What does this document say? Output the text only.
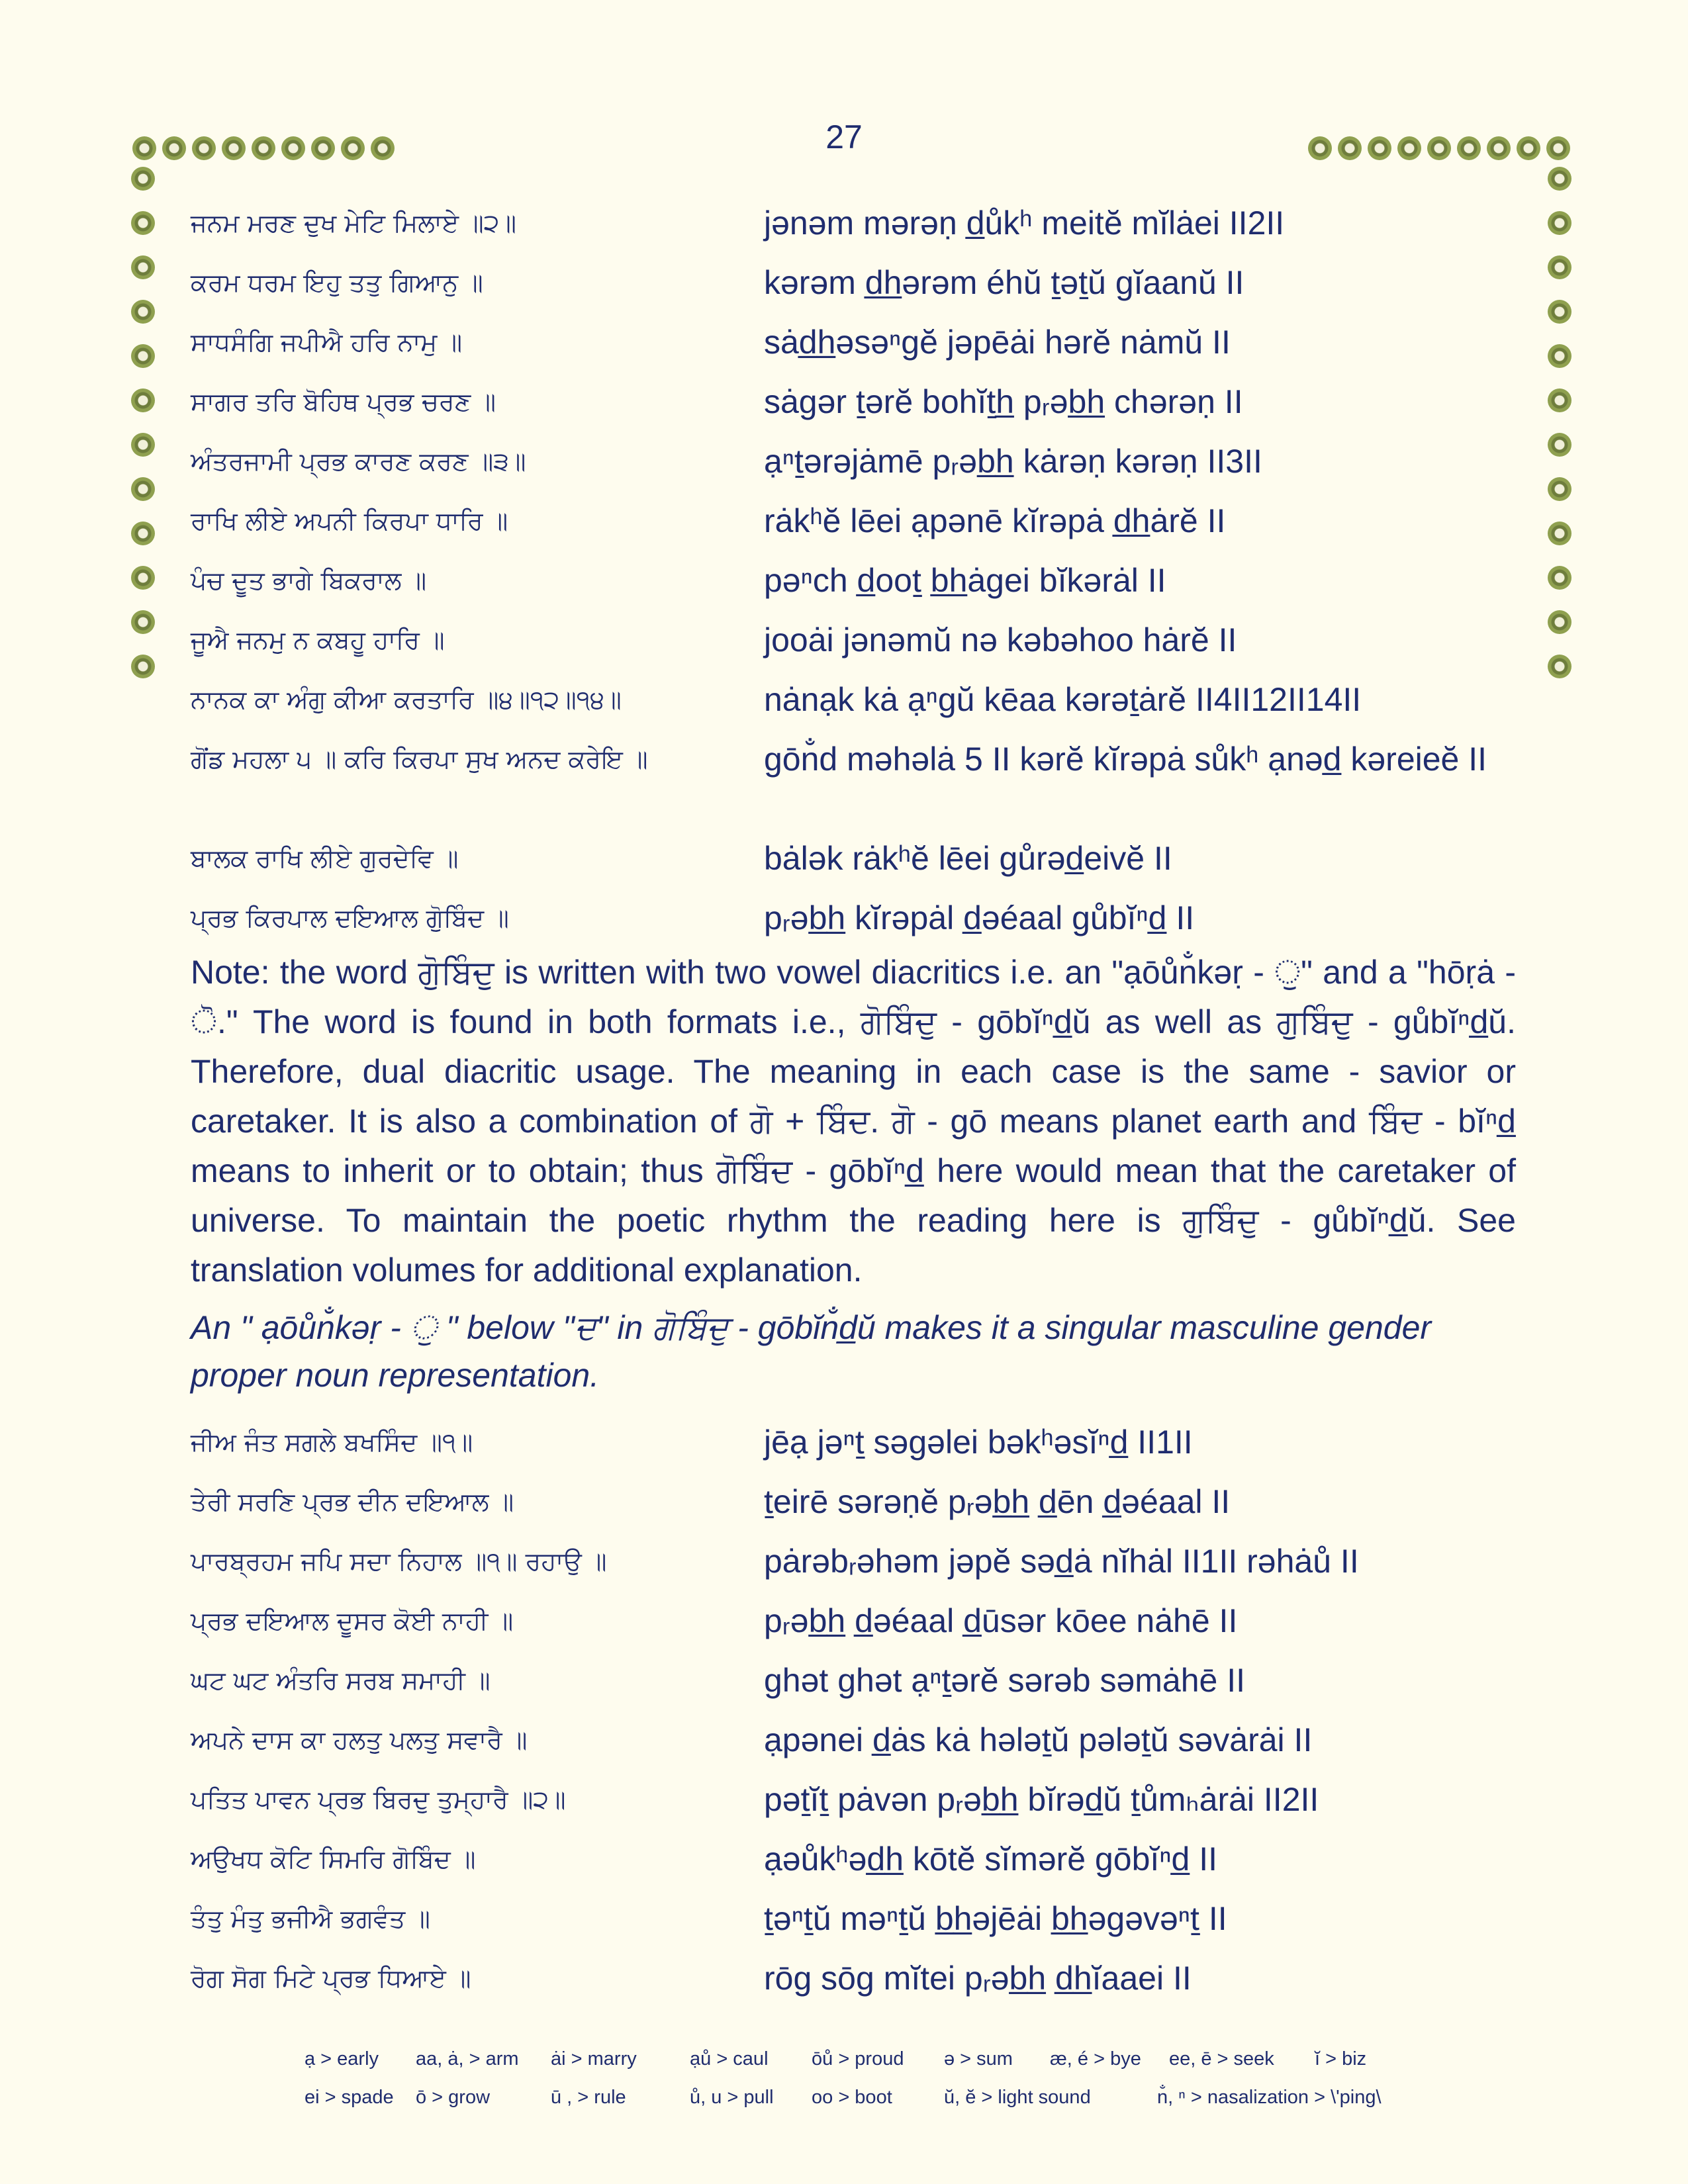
27
ਜਨਮ ਮਰਣ ਦੁਖ ਮੇਟਿ ਮਿਲਾਏ ॥੨॥	jənəm mərəṇ d̲ůkʰ meitĕ mĭlȧei II2II
ਕਰਮ ਧਰਮ ਇਹੁ ਤਤੁ ਗਿਆਨੁ ॥	kərəm d̲h̲ərəm éhŭ ṯəṯŭ gĭaanŭ II
ਸਾਧਸੰਗਿ ਜਪੀਐ ਹਰਿ ਨਾਮੁ ॥	sȧd̲h̲əsəⁿgĕ jəpēȧi hərĕ nȧmŭ II
ਸਾਗਰ ਤਰਿ ਬੋਹਿਥ ਪ੍ਰਭ ਚਰਣ ॥	sȧgər ṯərĕ bohĭṯh̲ pᵣəb̲h̲ chərəṇ II
ਅੰਤਰਜਾਮੀ ਪ੍ਰਭ ਕਾਰਣ ਕਰਣ ॥੩॥	ạⁿṯərəjȧmē pᵣəb̲h̲ kȧrəṇ kərəṇ II3II
ਰਾਖਿ ਲੀਏ ਅਪਨੀ ਕਿਰਪਾ ਧਾਰਿ ॥	rȧkʰĕ lēei ạpənē kĭrəpȧ d̲h̲ȧrĕ II
ਪੰਚ ਦੂਤ ਭਾਗੇ ਬਿਕਰਾਲ ॥	pəⁿch d̲ooṯ b̲h̲ȧgei bĭkərȧl II
ਜੂਐ ਜਨਮੁ ਨ ਕਬਹੂ ਹਾਰਿ ॥	jooȧi jənəmŭ nə kəbəhoo hȧrĕ II
ਨਾਨਕ ਕਾ ਅੰਗੁ ਕੀਆ ਕਰਤਾਰਿ ॥੪॥੧੨॥੧੪॥	nȧnạk kȧ ạⁿgŭ kēaa kərəṯȧrĕ II4II12II14II
ਗੋਂਡ ਮਹਲਾ ੫ ॥ ਕਰਿ ਕਿਰਪਾ ਸੁਖ ਅਨਦ ਕਰੇਇ ॥	gōn̐d məhəlȧ 5 II kərĕ kĭrəpȧ sůkʰ ạnəd̲ kəreieĕ II
ਬਾਲਕ ਰਾਖਿ ਲੀਏ ਗੁਰਦੇਵਿ ॥	bȧlək rȧkʰĕ lēei gůrəd̲eivĕ II
ਪ੍ਰਭ ਕਿਰਪਾਲ ਦਇਆਲ ਗੁੋਬਿੰਦ ॥	pᵣəb̲h̲ kĭrəpȧl d̲əéaal gůbĭⁿd̲ II
Note: the word ਗੁੋਬਿੰਦੁ is written with two vowel diacritics i.e. an "ạōůn̐kəṛ - ੁ" and a "hōṛȧ - ੋ." The word is found in both formats i.e., ਗੋਬਿੰਦੁ - gōbĭⁿd̲ŭ as well as ਗੁਬਿੰਦੁ - gůbĭⁿd̲ŭ. Therefore, dual diacritic usage. The meaning in each case is the same - savior or caretaker. It is also a combination of ਗੋ + ਬਿੰਦ. ਗੋ - gō means planet earth and ਬਿੰਦ - bĭⁿd̲ means to inherit or to obtain; thus ਗੋਬਿੰਦ - gōbĭⁿd̲ here would mean that the caretaker of universe. To maintain the poetic rhythm the reading here is ਗੁਬਿੰਦੁ - gůbĭⁿd̲ŭ. See translation volumes for additional explanation.
An " ạōůn̐kəṛ - ੁ " below "ਦ" in ਗੋਬਿੰਦੁ - gōbĭn̐d̲ŭ makes it a singular masculine gender proper noun representation.
ਜੀਅ ਜੰਤ ਸਗਲੇ ਬਖਸਿੰਦ ॥੧॥	jēạ jəⁿṯ səgəlei bəkʰəsĭⁿd̲ II1II
ਤੇਰੀ ਸਰਣਿ ਪ੍ਰਭ ਦੀਨ ਦਇਆਲ ॥	ṯeirē sərəṇĕ pᵣəb̲h̲ d̲ēn d̲əéaal II
ਪਾਰਬ੍ਰਹਮ ਜਪਿ ਸਦਾ ਨਿਹਾਲ ॥੧॥ ਰਹਾਉ ॥	pȧrəbᵣəhəm jəpĕ səd̲ȧ nĭhȧl II1II rəhȧů II
ਪ੍ਰਭ ਦਇਆਲ ਦੂਸਰ ਕੋਈ ਨਾਹੀ ॥	pᵣəb̲h̲ d̲əéaal d̲ūsər kōee nȧhē II
ਘਟ ਘਟ ਅੰਤਰਿ ਸਰਬ ਸਮਾਹੀ ॥	ghət ghət ạⁿṯərĕ sərəb səmȧhē II
ਅਪਨੇ ਦਾਸ ਕਾ ਹਲਤੁ ਪਲਤੁ ਸਵਾਰੈ ॥	ạpənei d̲ȧs kȧ hələṯŭ pələṯŭ səvȧrȧi II
ਪਤਿਤ ਪਾਵਨ ਪ੍ਰਭ ਬਿਰਦੁ ਤੁਮ੍ਹਾਰੈ ॥੨॥	pəṯĭṯ pȧvən pᵣəb̲h̲ bĭrəd̲ŭ ṯůmₕȧrȧi II2II
ਅਉਖਧ ਕੋਟਿ ਸਿਮਰਿ ਗੋਬਿੰਦ ॥	ạəůkʰəd̲h̲ kōtĕ sĭmərĕ gōbĭⁿd̲ II
ਤੰਤੁ ਮੰਤੁ ਭਜੀਐ ਭਗਵੰਤ ॥	ṯəⁿṯŭ məⁿṯŭ b̲h̲əjēȧi b̲h̲əgəvəⁿṯ II
ਰੋਗ ਸੋਗ ਮਿਟੇ ਪ੍ਰਭ ਧਿਆਏ ॥	rōg sōg mĭtei pᵣəb̲h̲ d̲h̲ĭaaei II
ạ > early	aa, ȧ, > arm	ȧi > marry	ạů > caul	ōů > proud	ə > sum	æ, é > bye	ee, ē > seek	ĭ > biz
ei > spade	ō > grow	ū , > rule	ů, u > pull	oo > boot	ŭ, ĕ > light sound	n̐, ⁿ > nasalization > \'ping\
